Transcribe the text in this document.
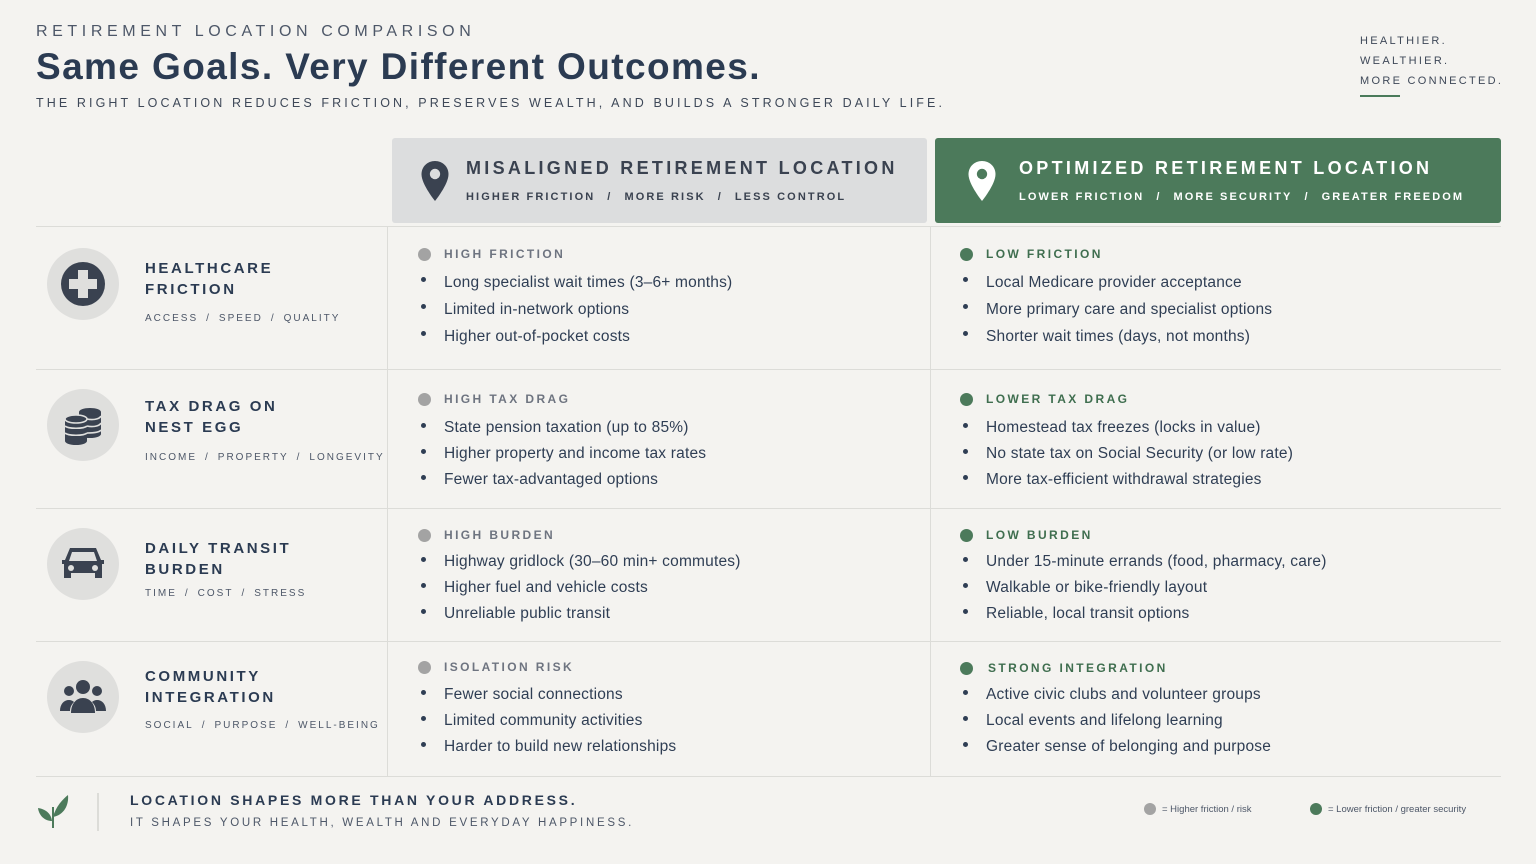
RETIREMENT LOCATION COMPARISON
Same Goals. Very Different Outcomes.
THE RIGHT LOCATION REDUCES FRICTION, PRESERVES WEALTH, AND BUILDS A STRONGER DAILY LIFE.
HEALTHIER.
WEALTHIER.
MORE CONNECTED.
MISALIGNED RETIREMENT LOCATION
HIGHER FRICTION / MORE RISK / LESS CONTROL
OPTIMIZED RETIREMENT LOCATION
LOWER FRICTION / MORE SECURITY / GREATER FREEDOM
HEALTHCARE
FRICTION
ACCESS / SPEED / QUALITY
HIGH FRICTION
Long specialist wait times (3–6+ months)
Limited in-network options
Higher out-of-pocket costs
LOW FRICTION
Local Medicare provider acceptance
More primary care and specialist options
Shorter wait times (days, not months)
TAX DRAG ON
NEST EGG
INCOME / PROPERTY / LONGEVITY
HIGH TAX DRAG
State pension taxation (up to 85%)
Higher property and income tax rates
Fewer tax-advantaged options
LOWER TAX DRAG
Homestead tax freezes (locks in value)
No state tax on Social Security (or low rate)
More tax-efficient withdrawal strategies
DAILY TRANSIT
BURDEN
TIME / COST / STRESS
HIGH BURDEN
Highway gridlock (30–60 min+ commutes)
Higher fuel and vehicle costs
Unreliable public transit
LOW BURDEN
Under 15-minute errands (food, pharmacy, care)
Walkable or bike-friendly layout
Reliable, local transit options
COMMUNITY
INTEGRATION
SOCIAL / PURPOSE / WELL-BEING
ISOLATION RISK
Fewer social connections
Limited community activities
Harder to build new relationships
STRONG INTEGRATION
Active civic clubs and volunteer groups
Local events and lifelong learning
Greater sense of belonging and purpose
LOCATION SHAPES MORE THAN YOUR ADDRESS.
IT SHAPES YOUR HEALTH, WEALTH AND EVERYDAY HAPPINESS.
= Higher friction / risk	= Lower friction / greater security
